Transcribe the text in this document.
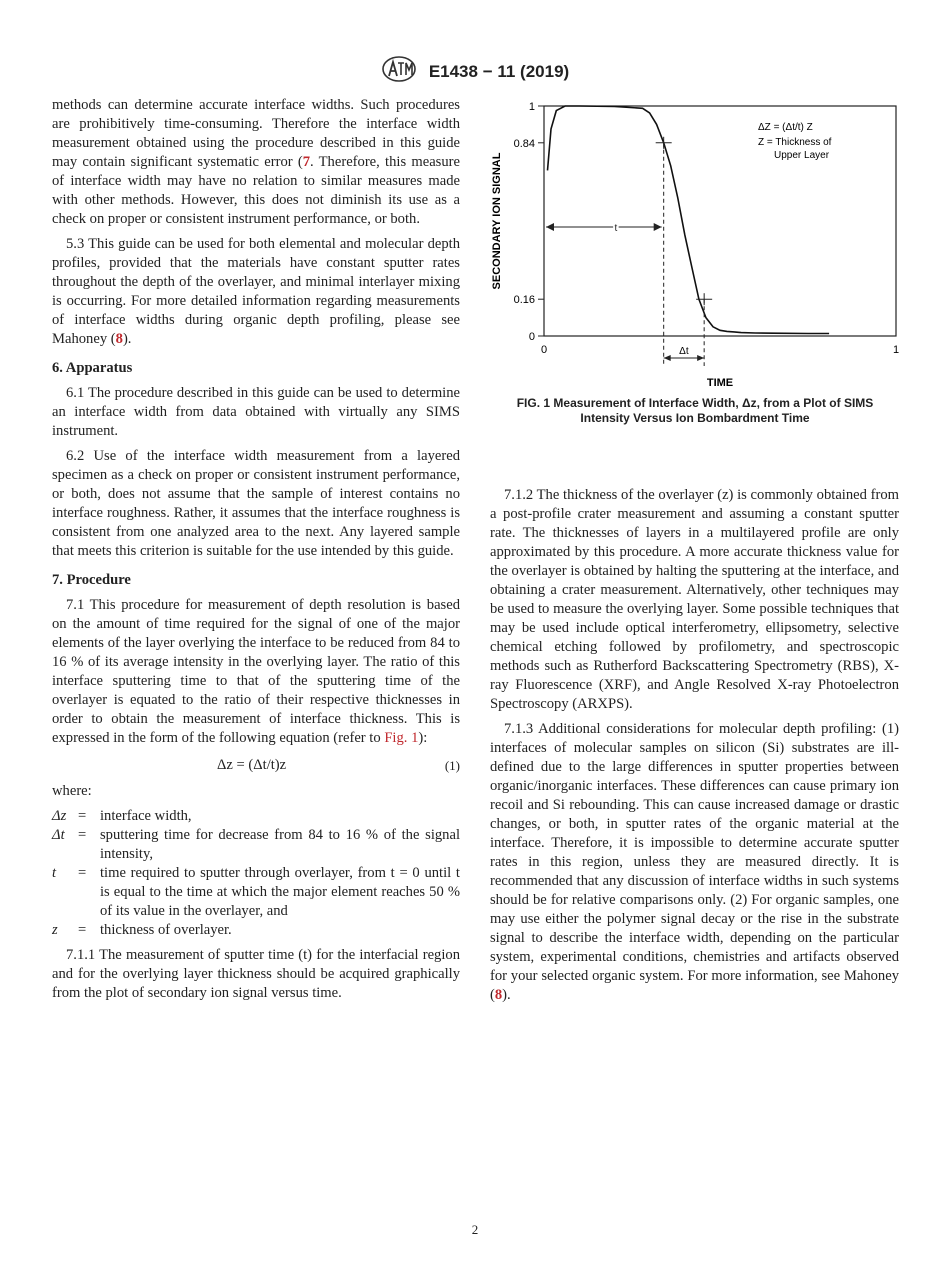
E1438 − 11 (2019)

methods can determine accurate interface widths. Such procedures are prohibitively time-consuming. Therefore the interface width measurement obtained using the procedure described in this guide may contain significant systematic error (7. Therefore, this measure of interface width may have no relation to similar measures made with other methods. However, this does not diminish its use as a check on proper or consistent instrument performance, or both.

5.3 This guide can be used for both elemental and molecular depth profiles, provided that the materials have constant sputter rates throughout the depth of the overlayer, and minimal interlayer mixing is occurring. For more detailed information regarding measurements of interface widths during organic depth profiling, please see Mahoney (8).

6. Apparatus

6.1 The procedure described in this guide can be used to determine an interface width from data obtained with virtually any SIMS instrument.

6.2 Use of the interface width measurement from a layered specimen as a check on proper or consistent instrument performance, or both, does not assume that the sample of interest contains no interface roughness. Rather, it assumes that the interface roughness is consistent from one analyzed area to the next. Any layered sample that meets this criterion is suitable for the use intended by this guide.

7. Procedure

7.1 This procedure for measurement of depth resolution is based on the amount of time required for the signal of one of the major elements of the layer overlying the interface to be reduced from 84 to 16 % of its average intensity in the overlying layer. The ratio of this interface sputtering time to that of the sputtering time of the overlayer is equated to the ratio of their respective thicknesses in order to obtain the measurement of interface thickness. This is expressed in the form of the following equation (refer to Fig. 1):

Δz = (Δt/t)z	(1)

where:

Δz = interface width,
Δt = sputtering time for decrease from 84 to 16 % of the signal intensity,
t	= time required to sputter through overlayer, from t = 0 until t is equal to the time at which the major element reaches 50 % of its value in the overlayer, and
z	= thickness of overlayer.

7.1.1 The measurement of sputter time (t) for the interfacial region and for the overlying layer thickness should be acquired graphically from the plot of secondary ion signal versus time.

1
0.84
0.16
0
0	1
TIME
SECONDARY ION SIGNAL	t
Δt
ΔZ = (Δt/t) Z
Z = Thickness of
Upper Layer
FIG. 1 Measurement of Interface Width, Δz, from a Plot of SIMS
Intensity Versus Ion Bombardment Time

7.1.2 The thickness of the overlayer (z) is commonly obtained from a post-profile crater measurement and assuming a constant sputter rate. The thicknesses of layers in a multilayered profile are only approximated by this procedure. A more accurate thickness value for the overlayer is obtained by halting the sputtering at the interface, and obtaining a crater measurement. Alternatively, other techniques may be used to measure the overlying layer. Some possible techniques that may be used include optical interferometry, ellipsometry, selective chemical etching followed by profilometry, and spectroscopic methods such as Rutherford Backscattering Spectrometry (RBS), X-ray Fluorescence (XRF), and Angle Resolved X-ray Photoelectron Spectroscopy (ARXPS).

7.1.3 Additional considerations for molecular depth profiling: (1) interfaces of molecular samples on silicon (Si) substrates are ill-defined due to the large differences in sputter properties between organic/inorganic interfaces. These differences can cause primary ion recoil and Si rebounding. This can cause increased damage or drastic changes, or both, in sputter rates of the organic material at the interface. Therefore, it is impossible to determine accurate sputter rates in this region, unless they are measured directly. It is recommended that any discussion of interface widths in such systems should be for relative comparisons only. (2) For organic samples, one may use either the polymer signal decay or the rise in the substrate signal to describe the interface width, depending on the particular system, experimental conditions, chemistries and artifacts observed for your selected organic system. For more information, see Mahoney (8).

2
